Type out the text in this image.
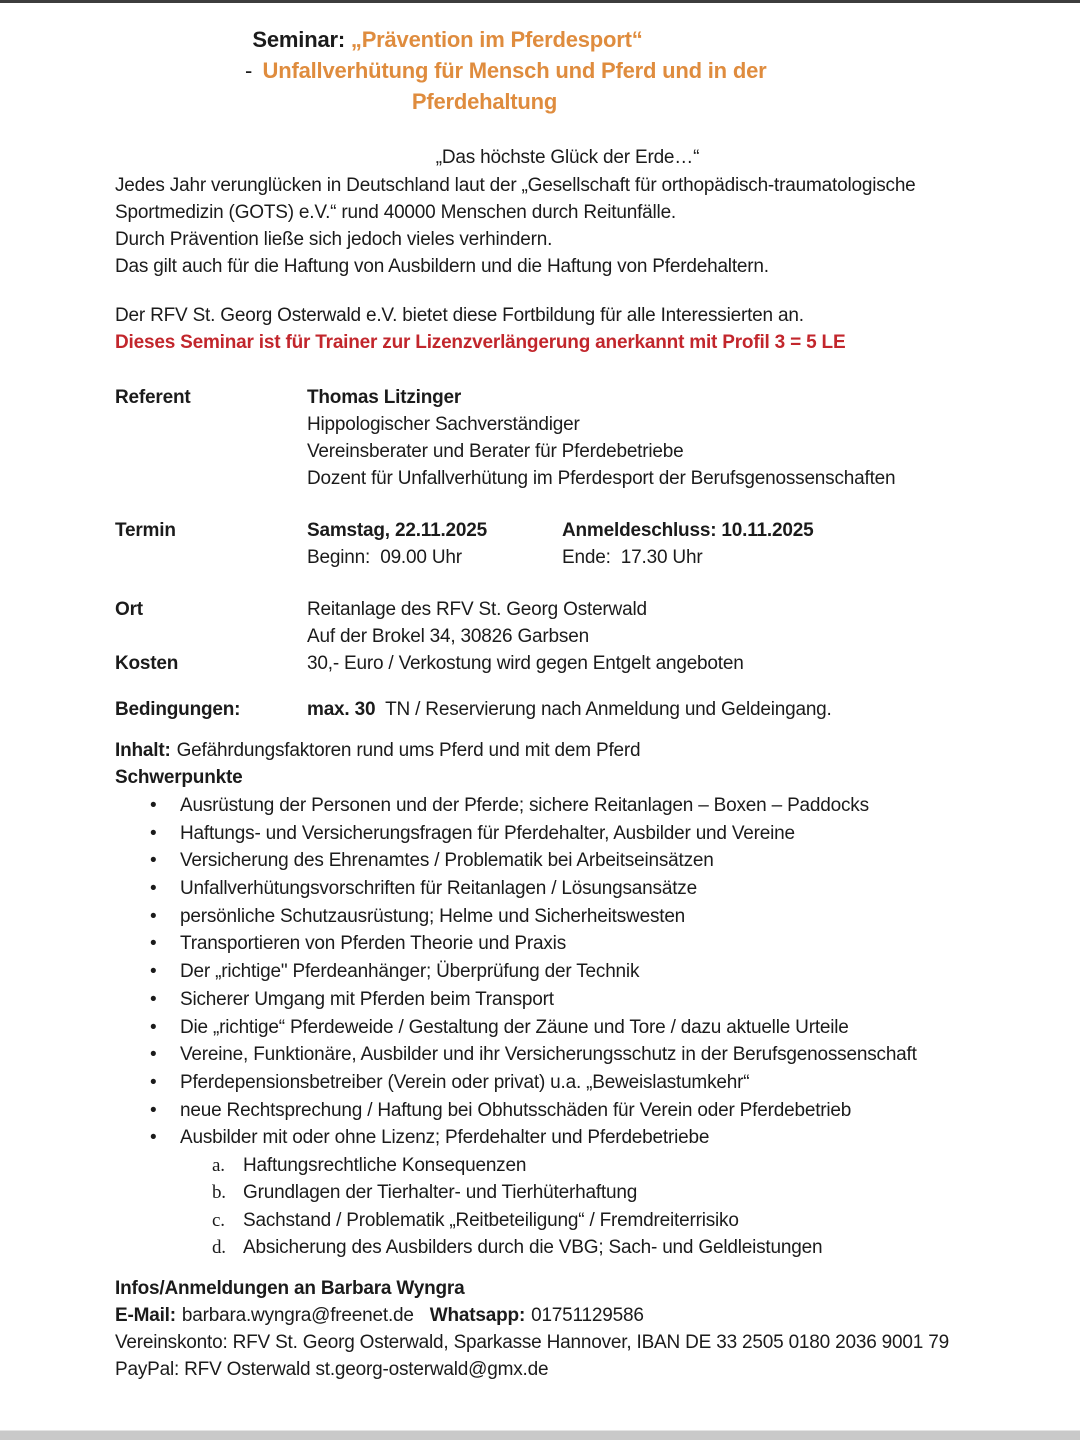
Seminar: „Prävention im Pferdesport“
Unfallverhütung für Mensch und Pferd und in der
Pferdehaltung
-
„Das höchste Glück der Erde…“
Jedes Jahr verunglücken in Deutschland laut der „Gesellschaft für orthopädisch-traumatologische
Sportmedizin (GOTS) e.V.“ rund 40000 Menschen durch Reitunfälle.
Durch Prävention ließe sich jedoch vieles verhindern.
Das gilt auch für die Haftung von Ausbildern und die Haftung von Pferdehaltern.
Der RFV St. Georg Osterwald e.V. bietet diese Fortbildung für alle Interessierten an.
Dieses Seminar ist für Trainer zur Lizenzverlängerung anerkannt mit Profil 3 = 5 LE
Referent	Thomas Litzinger
Hippologischer Sachverständiger
Vereinsberater und Berater für Pferdebetriebe
Dozent für Unfallverhütung im Pferdesport der Berufsgenossenschaften
Termin	Samstag, 22.11.2025	Anmeldeschluss: 10.11.2025
Beginn:  09.00 Uhr	Ende:  17.30 Uhr
Ort	Reitanlage des RFV St. Georg Osterwald
Auf der Brokel 34, 30826 Garbsen
Kosten	30,- Euro / Verkostung wird gegen Entgelt angeboten
Bedingungen:	max. 30  TN / Reservierung nach Anmeldung und Geldeingang.
Inhalt: Gefährdungsfaktoren rund ums Pferd und mit dem Pferd
Schwerpunkte
•	Ausrüstung der Personen und der Pferde; sichere Reitanlagen – Boxen – Paddocks
•	Haftungs- und Versicherungsfragen für Pferdehalter, Ausbilder und Vereine
•	Versicherung des Ehrenamtes / Problematik bei Arbeitseinsätzen
•	Unfallverhütungsvorschriften für Reitanlagen / Lösungsansätze
•	persönliche Schutzausrüstung; Helme und Sicherheitswesten
•	Transportieren von Pferden Theorie und Praxis
•	Der „richtige" Pferdeanhänger; Überprüfung der Technik
•	Sicherer Umgang mit Pferden beim Transport
•	Die „richtige“ Pferdeweide / Gestaltung der Zäune und Tore / dazu aktuelle Urteile
•	Vereine, Funktionäre, Ausbilder und ihr Versicherungsschutz in der Berufsgenossenschaft
•	Pferdepensionsbetreiber (Verein oder privat) u.a. „Beweislastumkehr“
•	neue Rechtsprechung / Haftung bei Obhutsschäden für Verein oder Pferdebetrieb
•	Ausbilder mit oder ohne Lizenz; Pferdehalter und Pferdebetriebe
a. Haftungsrechtliche Konsequenzen
b. Grundlagen der Tierhalter- und Tierhüterhaftung
c. Sachstand / Problematik „Reitbeteiligung“ / Fremdreiterrisiko
d. Absicherung des Ausbilders durch die VBG; Sach- und Geldleistungen
Infos/Anmeldungen an Barbara Wyngra
E-Mail: barbara.wyngra@freenet.de Whatsapp: 01751129586
Vereinskonto: RFV St. Georg Osterwald, Sparkasse Hannover, IBAN DE 33 2505 0180 2036 9001 79
PayPal: RFV Osterwald st.georg-osterwald@gmx.de
